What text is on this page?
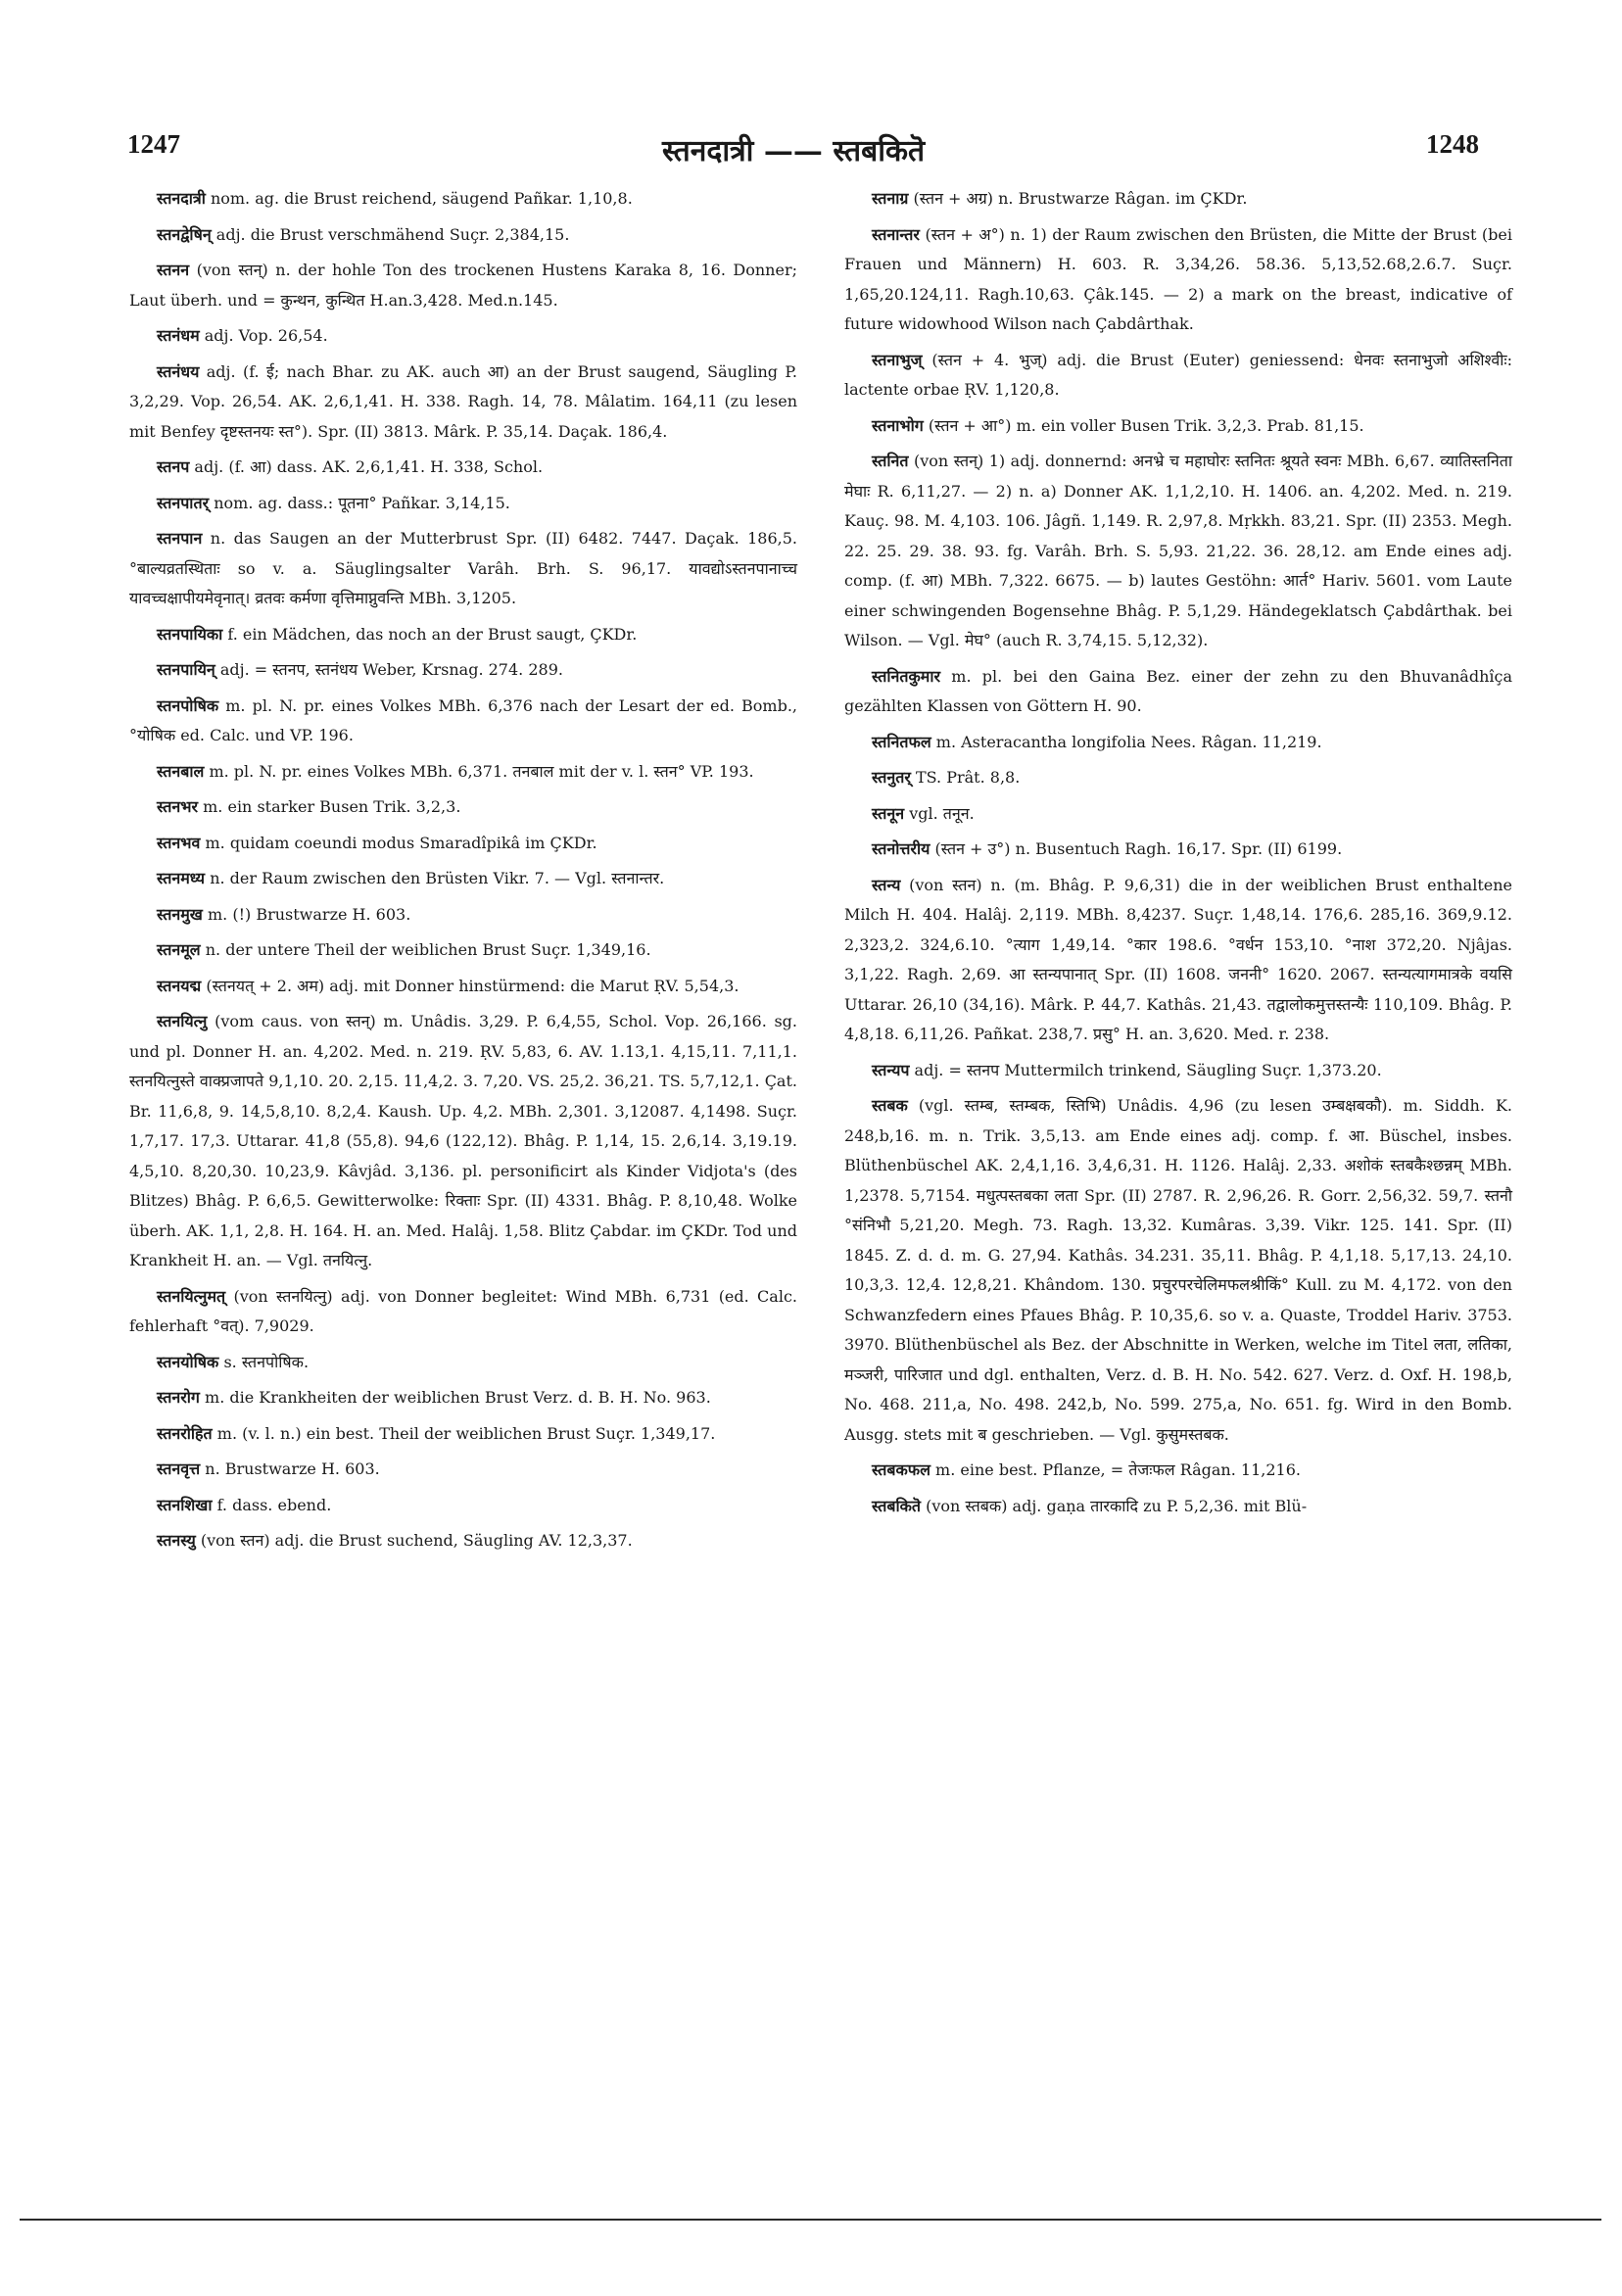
1247	स्तनदात्री —— स्तबकितॆ	1248

स्तनदात्री nom. ag. die Brust reichend, säugend Pañkar. 1,10,8.

स्तनद्वेषिन् adj. die Brust verschmähend Suçr. 2,384,15.

स्तनन (von स्तन्) n. der hohle Ton des trockenen Hustens Karaka 8, 16. Donner; Laut überh. und = कुन्थन, कुन्थित H.an.3,428. Med.n.145.

स्तनंधम adj. Vop. 26,54.

स्तनंधय adj. (f. ई; nach Bhar. zu AK. auch आ) an der Brust saugend, Säugling P. 3,2,29. Vop. 26,54. AK. 2,6,1,41. H. 338. Ragh. 14, 78. Mâlatim. 164,11 (zu lesen mit Benfey दृष्टस्तनयः स्त°). Spr. (II) 3813. Mârk. P. 35,14. Daçak. 186,4.

स्तनप adj. (f. आ) dass. AK. 2,6,1,41. H. 338, Schol.

स्तनपातर् nom. ag. dass.: पूतना° Pañkar. 3,14,15.

स्तनपान n. das Saugen an der Mutterbrust Spr. (II) 6482. 7447. Daçak. 186,5. °बाल्यव्रतस्थिताः so v. a. Säuglingsalter Varâh. Brh. S. 96,17. यावद्योऽस्तनपानाच्च यावच्चक्षापीयमेवृनात्। व्रतवः कर्मणा वृत्तिमाप्नुवन्ति MBh. 3,1205.

स्तनपायिका f. ein Mädchen, das noch an der Brust saugt, ÇKDr.

स्तनपायिन् adj. = स्तनप, स्तनंधय Weber, Krsnag. 274. 289.

स्तनपोषिक m. pl. N. pr. eines Volkes MBh. 6,376 nach der Lesart der ed. Bomb., °योषिक ed. Calc. und VP. 196.

स्तनबाल m. pl. N. pr. eines Volkes MBh. 6,371. तनबाल mit der v. l. स्तन° VP. 193.

स्तनभर m. ein starker Busen Trik. 3,2,3.

स्तनभव m. quidam coeundi modus Smaradîpikâ im ÇKDr.

स्तनमध्य n. der Raum zwischen den Brüsten Vikr. 7. — Vgl. स्तनान्तर.

स्तनमुख m. (!) Brustwarze H. 603.

स्तनमूल n. der untere Theil der weiblichen Brust Suçr. 1,349,16.

स्तनयद्म (स्तनयत् + 2. अम) adj. mit Donner hinstürmend: die Marut ṚV. 5,54,3.

स्तनयित्नु (vom caus. von स्तन्) m. Unâdis. 3,29. P. 6,4,55, Schol. Vop. 26,166. sg. und pl. Donner H. an. 4,202. Med. n. 219. ṚV. 5,83, 6. AV. 1.13,1. 4,15,11. 7,11,1. स्तनयित्नुस्ते वाक्प्रजापते 9,1,10. 20. 2,15. 11,4,2. 3. 7,20. VS. 25,2. 36,21. TS. 5,7,12,1. Çat. Br. 11,6,8, 9. 14,5,8,10. 8,2,4. Kaush. Up. 4,2. MBh. 2,301. 3,12087. 4,1498. Suçr. 1,7,17. 17,3. Uttarar. 41,8 (55,8). 94,6 (122,12). Bhâg. P. 1,14, 15. 2,6,14. 3,19.19. 4,5,10. 8,20,30. 10,23,9. Kâvjâd. 3,136. pl. personificirt als Kinder Vidjota's (des Blitzes) Bhâg. P. 6,6,5. Gewitterwolke: रिक्ताः Spr. (II) 4331. Bhâg. P. 8,10,48. Wolke überh. AK. 1,1, 2,8. H. 164. H. an. Med. Halâj. 1,58. Blitz Çabdar. im ÇKDr. Tod und Krankheit H. an. — Vgl. तनयित्नु.

स्तनयित्नुमत् (von स्तनयित्नु) adj. von Donner begleitet: Wind MBh. 6,731 (ed. Calc. fehlerhaft °वत्). 7,9029.

स्तनयोषिक s. स्तनपोषिक.

स्तनरोग m. die Krankheiten der weiblichen Brust Verz. d. B. H. No. 963.

स्तनरोहित m. (v. l. n.) ein best. Theil der weiblichen Brust Suçr. 1,349,17.

स्तनवृत्त n. Brustwarze H. 603.

स्तनशिखा f. dass. ebend.

स्तनस्यु (von स्तन) adj. die Brust suchend, Säugling AV. 12,3,37.

स्तनाग्र (स्तन + अग्र) n. Brustwarze Râgan. im ÇKDr.

स्तनान्तर (स्तन + अ°) n. 1) der Raum zwischen den Brüsten, die Mitte der Brust (bei Frauen und Männern) H. 603. R. 3,34,26. 58.36. 5,13,52.68,2.6.7. Suçr. 1,65,20.124,11. Ragh.10,63. Çâk.145. — 2) a mark on the breast, indicative of future widowhood Wilson nach Çabdârthak.

स्तनाभुज् (स्तन + 4. भुज्) adj. die Brust (Euter) geniessend: धेनवः स्तनाभुजो अशिश्वीः: lactente orbae ṚV. 1,120,8.

स्तनाभोग (स्तन + आ°) m. ein voller Busen Trik. 3,2,3. Prab. 81,15.

स्तनित (von स्तन्) 1) adj. donnernd: अनभ्रे च महाघोरः स्तनितः श्रूयते स्वनः MBh. 6,67. व्यातिस्तनिता मेघाः R. 6,11,27. — 2) n. a) Donner AK. 1,1,2,10. H. 1406. an. 4,202. Med. n. 219. Kauç. 98. M. 4,103. 106. Jâgñ. 1,149. R. 2,97,8. Mṛkkh. 83,21. Spr. (II) 2353. Megh. 22. 25. 29. 38. 93. fg. Varâh. Brh. S. 5,93. 21,22. 36. 28,12. am Ende eines adj. comp. (f. आ) MBh. 7,322. 6675. — b) lautes Gestöhn: आर्त° Hariv. 5601. vom Laute einer schwingenden Bogensehne Bhâg. P. 5,1,29. Händegeklatsch Çabdârthak. bei Wilson. — Vgl. मेघ° (auch R. 3,74,15. 5,12,32).

स्तनितकुमार m. pl. bei den Gaina Bez. einer der zehn zu den Bhuvanâdhîça gezählten Klassen von Göttern H. 90.

स्तनितफल m. Asteracantha longifolia Nees. Râgan. 11,219.

स्तनुतर् TS. Prât. 8,8.

स्तनून vgl. तनून.

स्तनोत्तरीय (स्तन + उ°) n. Busentuch Ragh. 16,17. Spr. (II) 6199.

स्तन्य (von स्तन) n. (m. Bhâg. P. 9,6,31) die in der weiblichen Brust enthaltene Milch H. 404. Halâj. 2,119. MBh. 8,4237. Suçr. 1,48,14. 176,6. 285,16. 369,9.12. 2,323,2. 324,6.10. °त्याग 1,49,14. °कार 198.6. °वर्धन 153,10. °नाश 372,20. Njâjas. 3,1,22. Ragh. 2,69. आ स्तन्यपानात् Spr. (II) 1608. जननी° 1620. 2067. स्तन्यत्यागमात्रके वयसि Uttarar. 26,10 (34,16). Mârk. P. 44,7. Kathâs. 21,43. तद्वालोकमुत्तस्तन्यैः 110,109. Bhâg. P. 4,8,18. 6,11,26. Pañkat. 238,7. प्रसु° H. an. 3,620. Med. r. 238.

स्तन्यप adj. = स्तनप Muttermilch trinkend, Säugling Suçr. 1,373.20.

स्तबक (vgl. स्तम्ब, स्तम्बक, स्तिभि) Unâdis. 4,96 (zu lesen उम्बक्षबकौ). m. Siddh. K. 248,b,16. m. n. Trik. 3,5,13. am Ende eines adj. comp. f. आ. Büschel, insbes. Blüthenbüschel AK. 2,4,1,16. 3,4,6,31. H. 1126. Halâj. 2,33. अशोकं स्तबकैश्छन्नम् MBh. 1,2378. 5,7154. मधुत्पस्तबका लता Spr. (II) 2787. R. 2,96,26. R. Gorr. 2,56,32. 59,7. स्तनौ °संनिभौ 5,21,20. Megh. 73. Ragh. 13,32. Kumâras. 3,39. Vikr. 125. 141. Spr. (II) 1845. Z. d. d. m. G. 27,94. Kathâs. 34.231. 35,11. Bhâg. P. 4,1,18. 5,17,13. 24,10. 10,3,3. 12,4. 12,8,21. Khândom. 130. प्रचुरपरचेलिमफलश्रीकिं° Kull. zu M. 4,172. von den Schwanzfedern eines Pfaues Bhâg. P. 10,35,6. so v. a. Quaste, Troddel Hariv. 3753. 3970. Blüthenbüschel als Bez. der Abschnitte in Werken, welche im Titel लता, लतिका, मञ्जरी, पारिजात und dgl. enthalten, Verz. d. B. H. No. 542. 627. Verz. d. Oxf. H. 198,b, No. 468. 211,a, No. 498. 242,b, No. 599. 275,a, No. 651. fg. Wird in den Bomb. Ausgg. stets mit ब geschrieben. — Vgl. कुसुमस्तबक.

स्तबकफल m. eine best. Pflanze, = तेजःफल Râgan. 11,216.

स्तबकितॆ (von स्तबक) adj. gaṇa तारकादि zu P. 5,2,36. mit Blü-
